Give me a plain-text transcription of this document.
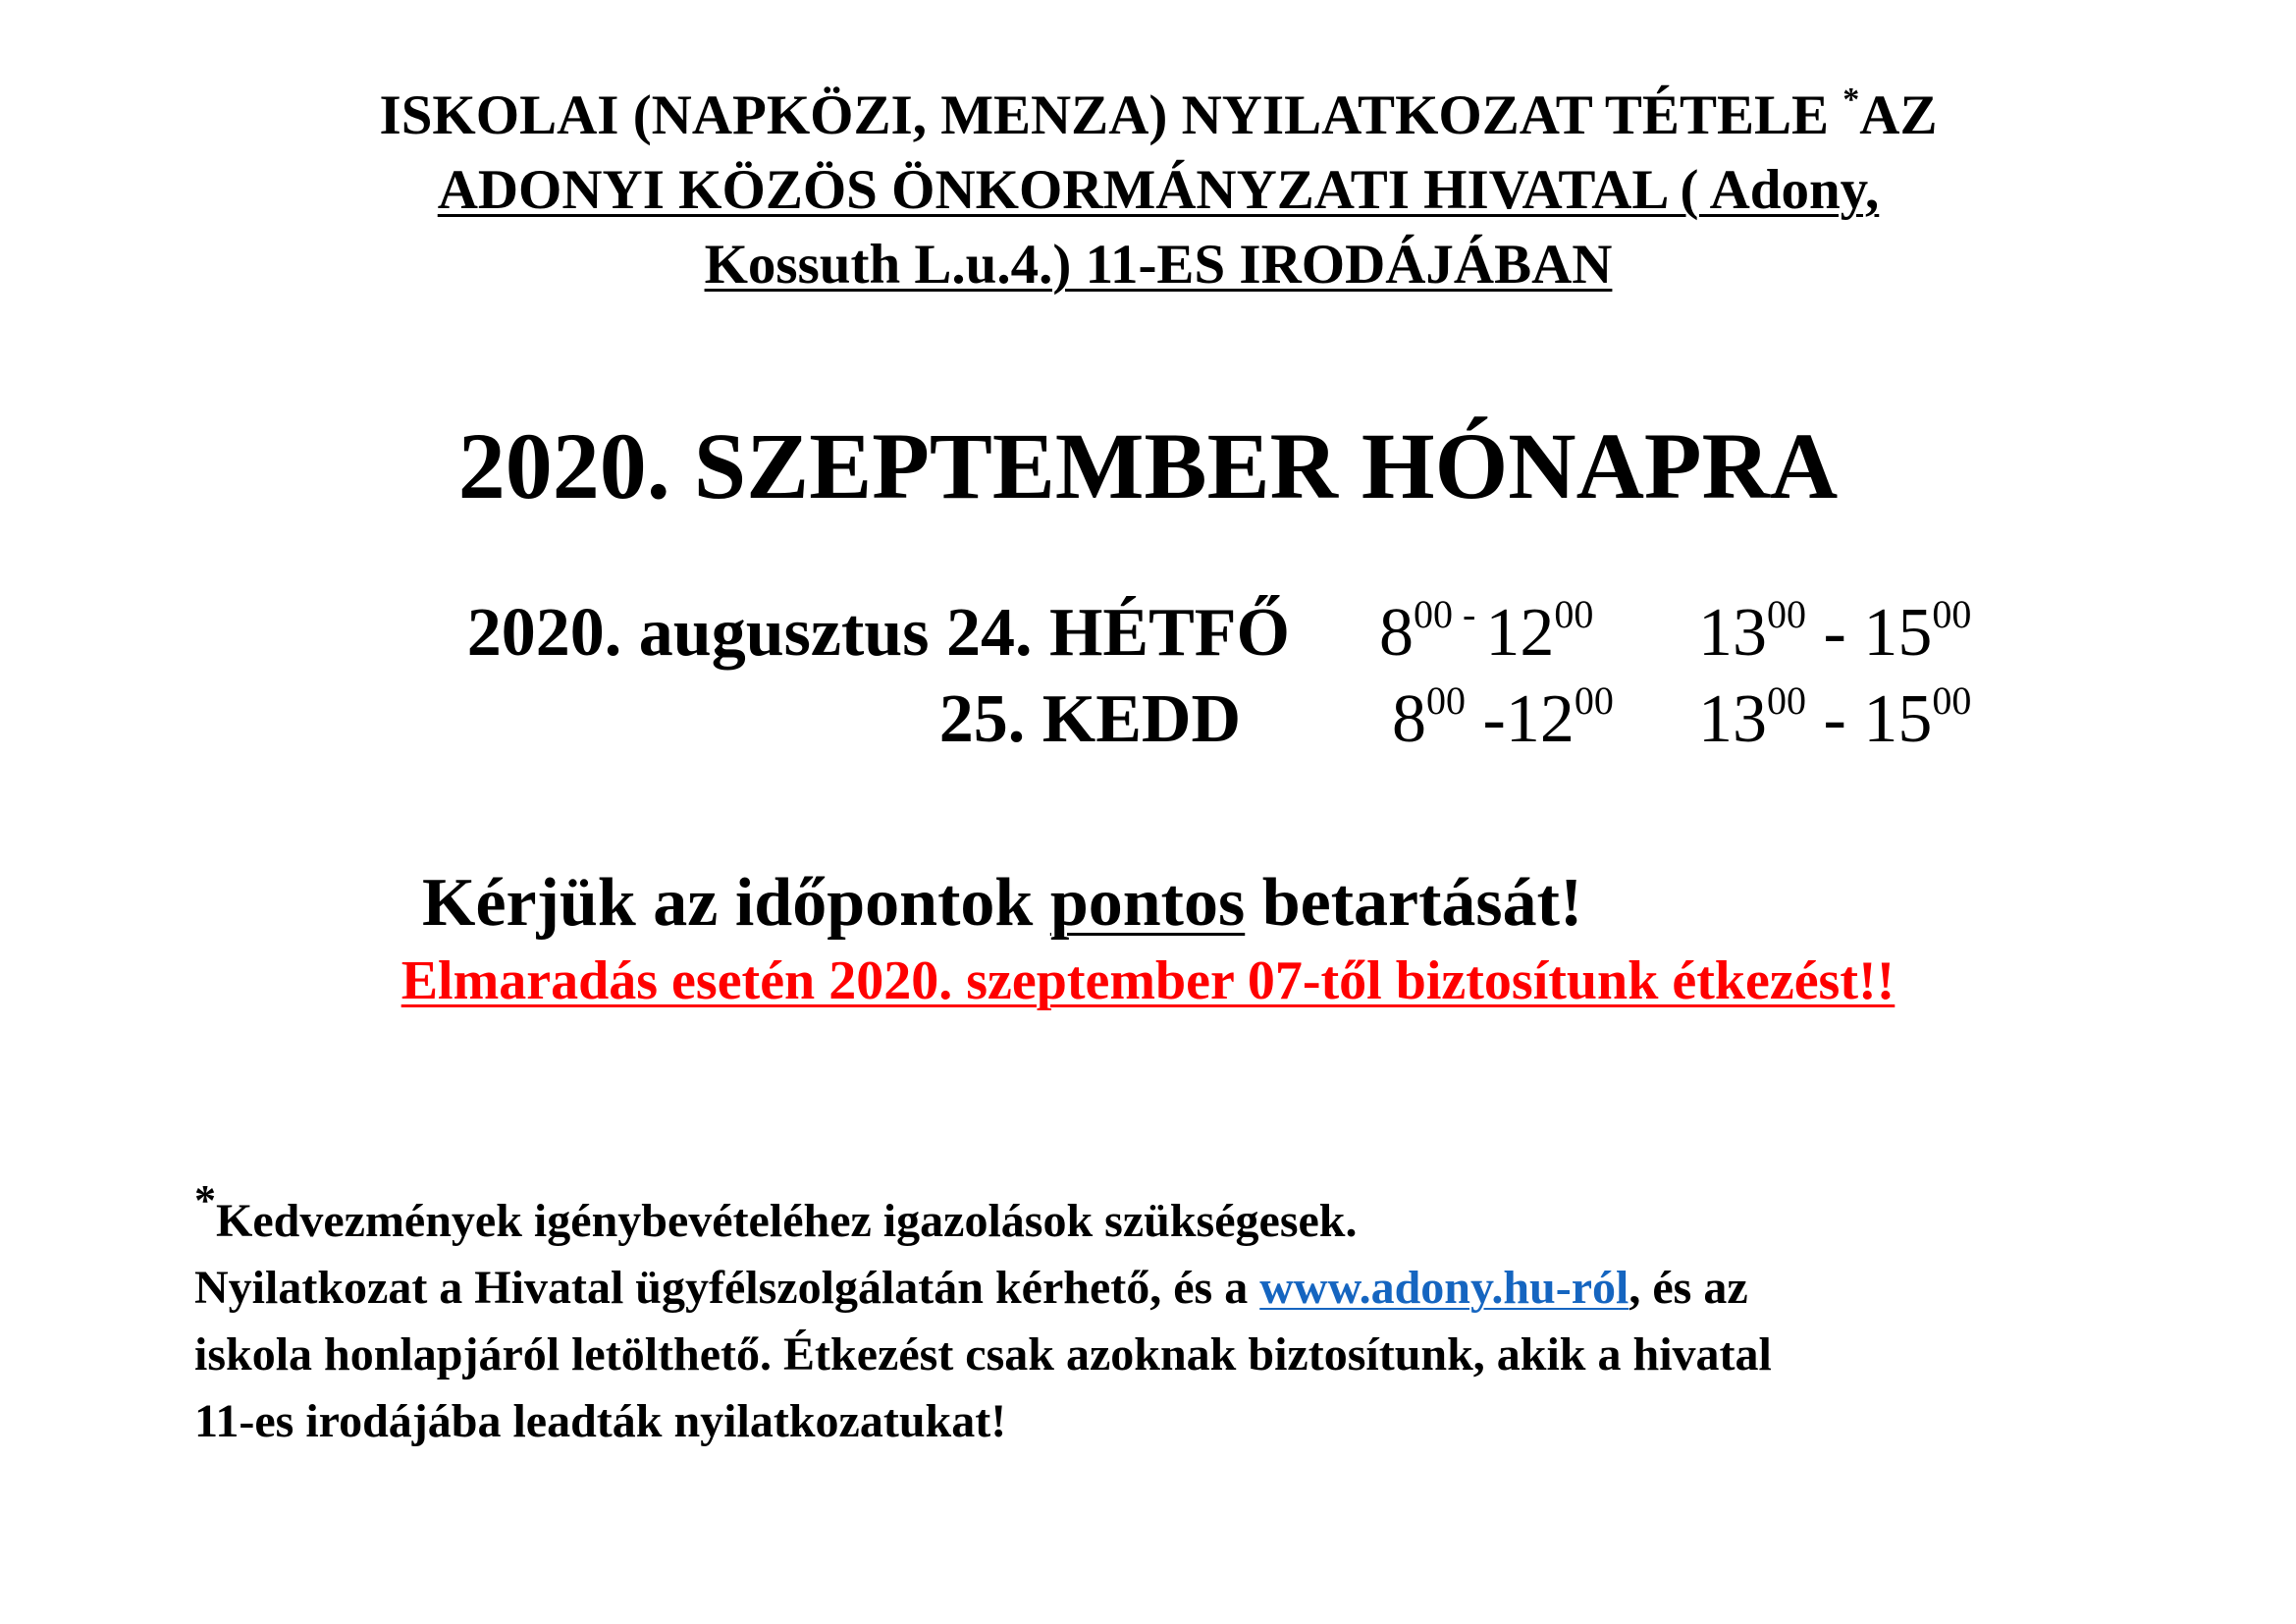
ISKOLAI (NAPKÖZI, MENZA) NYILATKOZAT TÉTELE *AZ
ADONYI KÖZÖS ÖNKORMÁNYZATI HIVATAL ( Adony,
Kossuth L.u.4.) 11-ES IRODÁJÁBAN
2020. SZEPTEMBER HÓNAPRA
2020. augusztus 24. HÉTFŐ $8^{00}$ - $12^{00}$ $13^{00} - 15^{00}$
25. KEDD $8^{00}$ $-12^{00}$ $13^{00} - 15^{00}$
Kérjük az időpontok pontos betartását!
Elmaradás esetén 2020. szeptember 07-től biztosítunk étkezést!!
*Kedvezmények igénybevételéhez igazolások szükségesek.
Nyilatkozat a Hivatal ügyfélszolgálatán kérhető, és a www.adony.hu-ról, és az
iskola honlapjáról letölthető. Étkezést csak azoknak biztosítunk, akik a hivatal
11-es irodájába leadták nyilatkozatukat!
